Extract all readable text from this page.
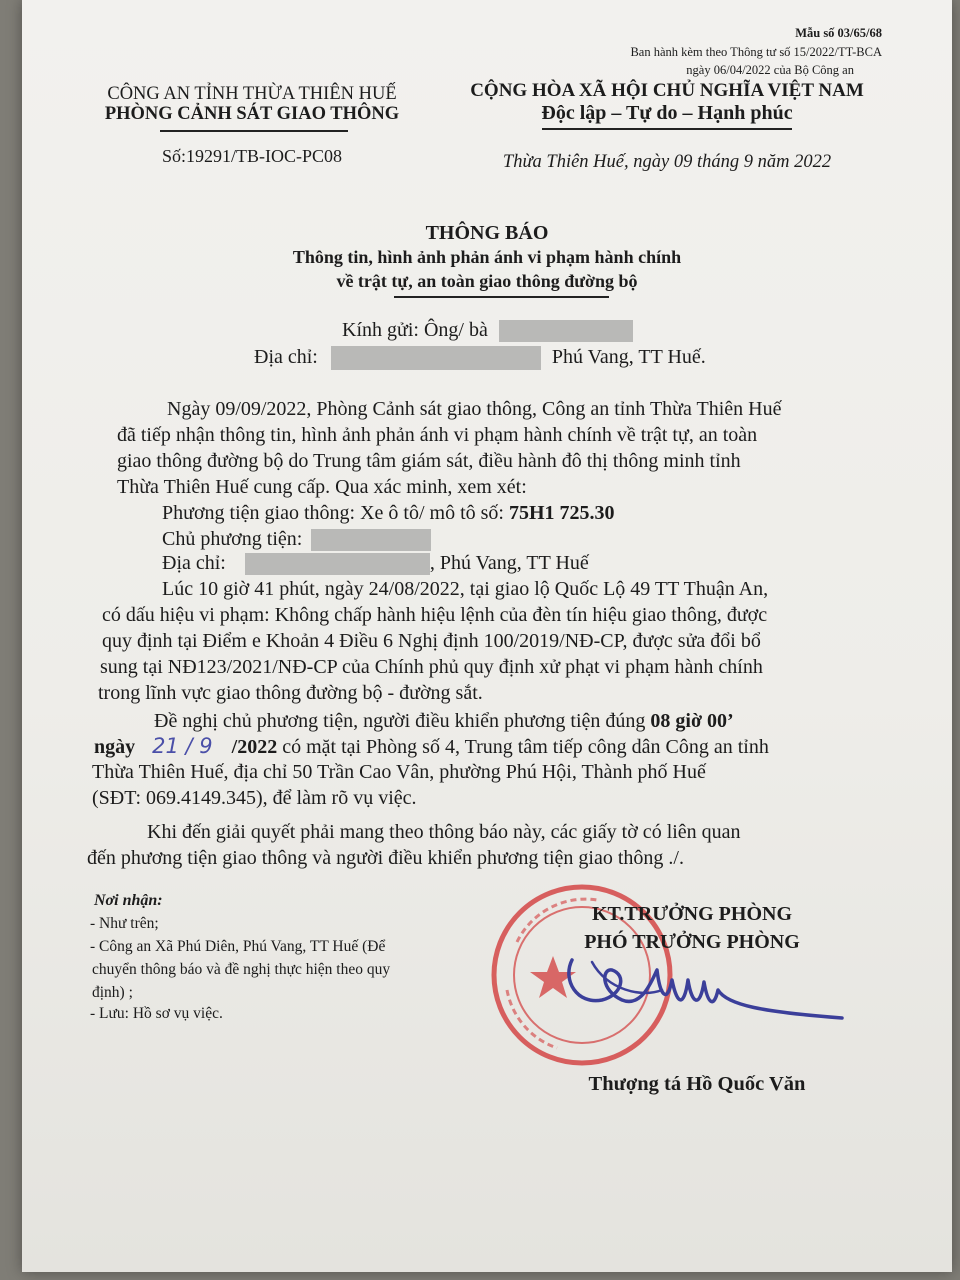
Mẫu số 03/65/68
Ban hành kèm theo Thông tư số 15/2022/TT-BCA
ngày 06/04/2022 của Bộ Công an
CÔNG AN TỈNH THỪA THIÊN HUẾ
PHÒNG CẢNH SÁT GIAO THÔNG
Số:19291/TB-IOC-PC08
CỘNG HÒA XÃ HỘI CHỦ NGHĨA VIỆT NAM
Độc lập – Tự do – Hạnh phúc
Thừa Thiên Huế, ngày 09 tháng 9 năm 2022
THÔNG BÁO
Thông tin, hình ảnh phản ánh vi phạm hành chính
về trật tự, an toàn giao thông đường bộ
Kính gửi: Ông/ bà
Địa chỉ:	Phú Vang, TT Huế.
Ngày 09/09/2022, Phòng Cảnh sát giao thông, Công an tỉnh Thừa Thiên Huế
đã tiếp nhận thông tin, hình ảnh phản ánh vi phạm hành chính về trật tự, an toàn
giao thông đường bộ do Trung tâm giám sát, điều hành đô thị thông minh tỉnh
Thừa Thiên Huế cung cấp. Qua xác minh, xem xét:
Phương tiện giao thông: Xe ô tô/ mô tô số: 75H1 725.30
Chủ phương tiện:
Địa chỉ:	, Phú Vang, TT Huế
Lúc 10 giờ 41 phút, ngày 24/08/2022, tại giao lộ Quốc Lộ 49 TT Thuận An,
có dấu hiệu vi phạm: Không chấp hành hiệu lệnh của đèn tín hiệu giao thông, được
quy định tại Điểm e Khoản 4 Điều 6 Nghị định 100/2019/NĐ-CP, được sửa đổi bổ
sung tại NĐ123/2021/NĐ-CP của Chính phủ quy định xử phạt vi phạm hành chính
trong lĩnh vực giao thông đường bộ - đường sắt.
Đề nghị chủ phương tiện, người điều khiển phương tiện đúng 08 giờ 00’
ngày 21 / 9 /2022 có mặt tại Phòng số 4, Trung tâm tiếp công dân Công an tỉnh
Thừa Thiên Huế, địa chỉ 50 Trần Cao Vân, phường Phú Hội, Thành phố Huế
(SĐT: 069.4149.345), để làm rõ vụ việc.
Khi đến giải quyết phải mang theo thông báo này, các giấy tờ có liên quan
đến phương tiện giao thông và người điều khiển phương tiện giao thông ./.
Nơi nhận:
- Như trên;
- Công an Xã Phú Diên, Phú Vang, TT Huế (Để
chuyển thông báo và đề nghị thực hiện theo quy
định) ;
- Lưu: Hồ sơ vụ việc.
KT.TRƯỞNG PHÒNG
PHÓ TRƯỞNG PHÒNG
Thượng tá Hồ Quốc Văn
